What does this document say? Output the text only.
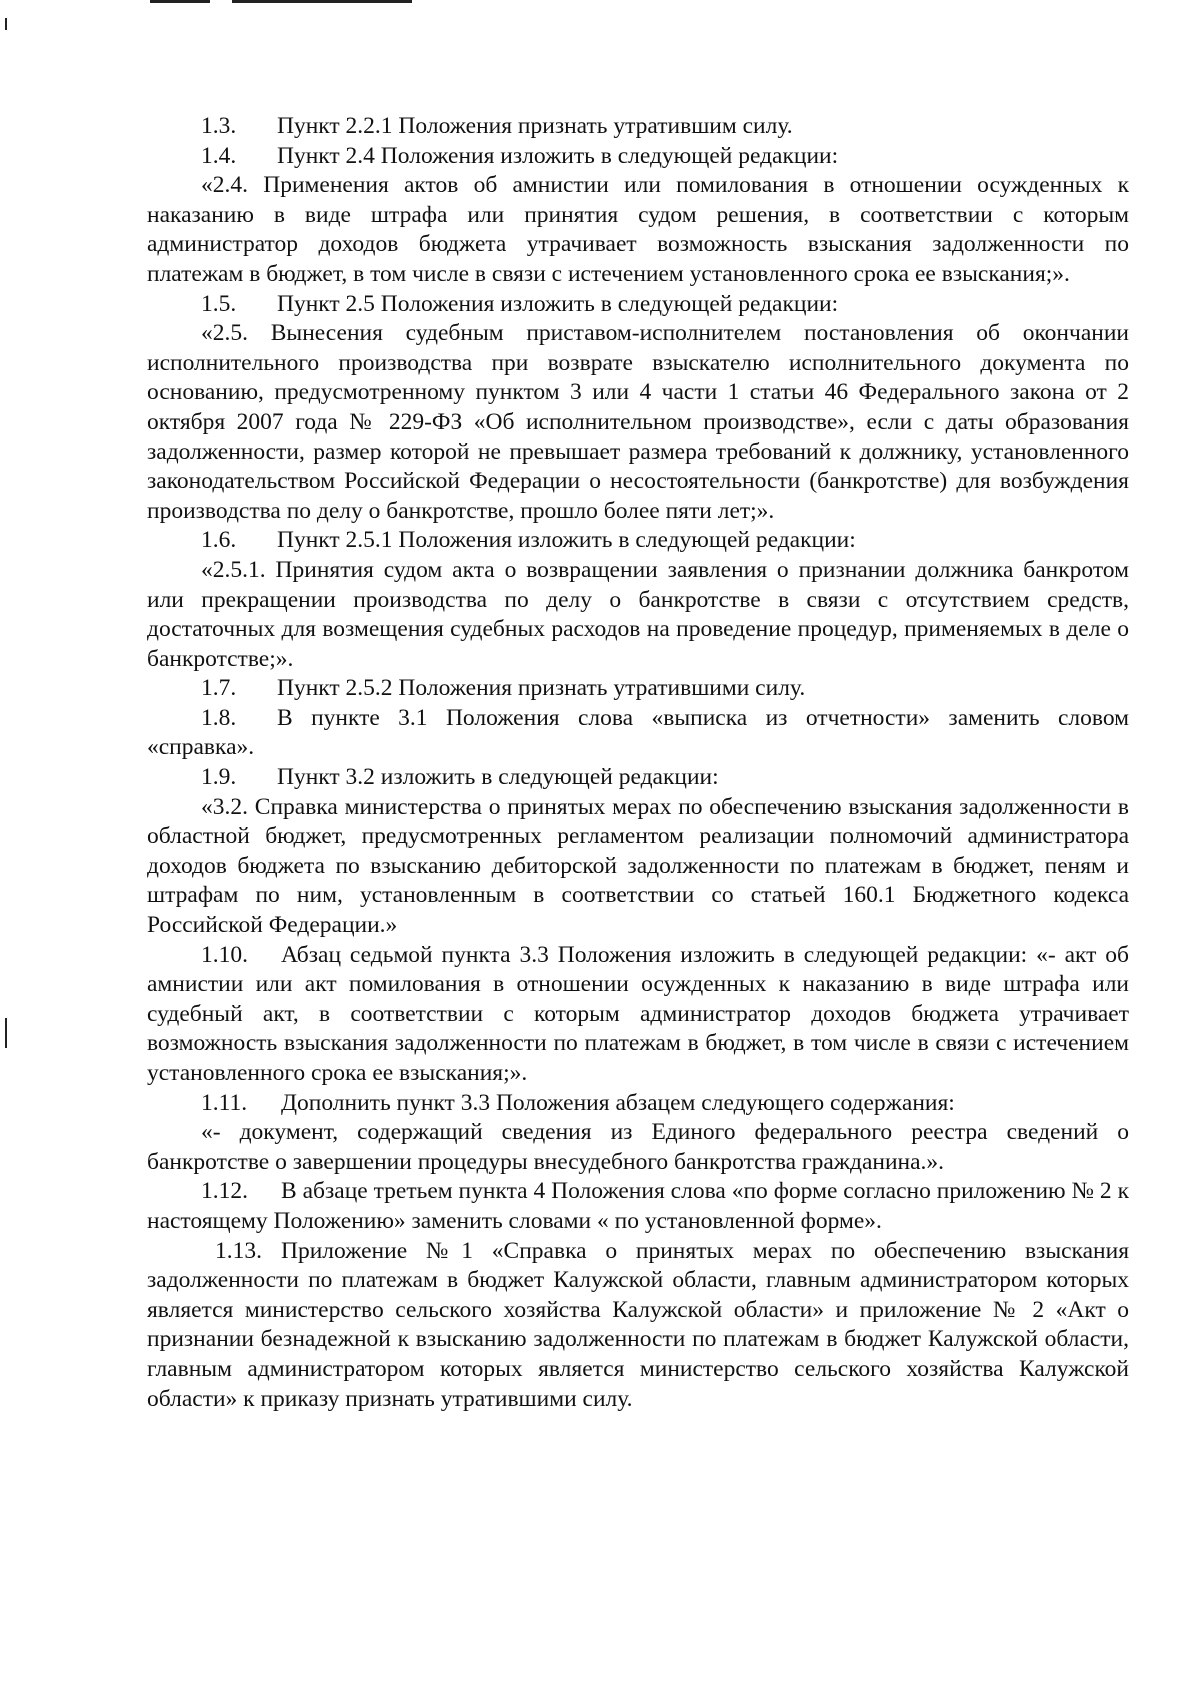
1.3. Пункт 2.2.1 Положения признать утратившим силу.

1.4. Пункт 2.4 Положения изложить в следующей редакции:

«2.4. Применения актов об амнистии или помилования в отношении осужденных к наказанию в виде штрафа или принятия судом решения, в соответствии с которым администратор доходов бюджета утрачивает возможность взыскания задолженности по платежам в бюджет, в том числе в связи с истечением установленного срока ее взыскания;».

1.5. Пункт 2.5 Положения изложить в следующей редакции:

«2.5. Вынесения судебным приставом-исполнителем постановления об окончании исполнительного производства при возврате взыскателю исполнительного документа по основанию, предусмотренному пунктом 3 или 4 части 1 статьи 46 Федерального закона от 2 октября 2007 года № 229-ФЗ «Об исполнительном производстве», если с даты образования задолженности, размер которой не превышает размера требований к должнику, установленного законодательством Российской Федерации о несостоятельности (банкротстве) для возбуждения производства по делу о банкротстве, прошло более пяти лет;».

1.6. Пункт 2.5.1 Положения изложить в следующей редакции:

«2.5.1. Принятия судом акта о возвращении заявления о признании должника банкротом или прекращении производства по делу о банкротстве в связи с отсутствием средств, достаточных для возмещения судебных расходов на проведение процедур, применяемых в деле о банкротстве;».

1.7. Пункт 2.5.2 Положения признать утратившими силу.

1.8. В пункте 3.1 Положения слова «выписка из отчетности» заменить словом «справка».

1.9. Пункт 3.2 изложить в следующей редакции:

«3.2. Справка министерства о принятых мерах по обеспечению взыскания задолженности в областной бюджет, предусмотренных регламентом реализации полномочий администратора доходов бюджета по взысканию дебиторской задолженности по платежам в бюджет, пеням и штрафам по ним, установленным в соответствии со статьей 160.1 Бюджетного кодекса Российской Федерации.»

1.10. Абзац седьмой пункта 3.3 Положения изложить в следующей редакции: «- акт об амнистии или акт помилования в отношении осужденных к наказанию в виде штрафа или судебный акт, в соответствии с которым администратор доходов бюджета утрачивает возможность взыскания задолженности по платежам в бюджет, в том числе в связи с истечением установленного срока ее взыскания;».

1.11. Дополнить пункт 3.3 Положения абзацем следующего содержания:

«- документ, содержащий сведения из Единого федерального реестра сведений о банкротстве о завершении процедуры внесудебного банкротства гражданина.».

1.12. В абзаце третьем пункта 4 Положения слова «по форме согласно приложению № 2 к настоящему Положению» заменить словами « по установленной форме».

1.13. Приложение №1 «Справка о принятых мерах по обеспечению взыскания задолженности по платежам в бюджет Калужской области, главным администратором которых является министерство сельского хозяйства Калужской области» и приложение № 2 «Акт о признании безнадежной к взысканию задолженности по платежам в бюджет Калужской области, главным администратором которых является министерство сельского хозяйства Калужской области» к приказу признать утратившими силу.
